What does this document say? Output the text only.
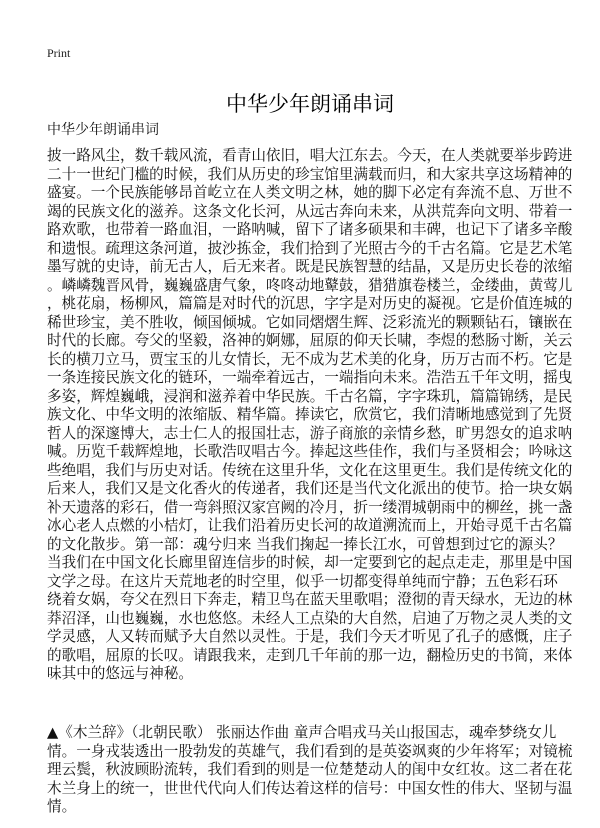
Print
中华少年朗诵串词
中华少年朗诵串词
披一路风尘，数千载风流，看青山依旧，唱大江东去。今天，在人类就要举步跨进
二十一世纪门槛的时候，我们从历史的珍宝馆里满载而归，和大家共享这场精神的
盛宴。一个民族能够昂首屹立在人类文明之林，她的脚下必定有奔流不息、万世不
竭的民族文化的滋养。这条文化长河，从远古奔向未来，从洪荒奔向文明、带着一
路欢歌，也带着一路血泪，一路呐喊，留下了诸多硕果和丰碑，也记下了诸多辛酸
和遗恨。疏理这条河道，披沙拣金，我们拾到了光照古今的千古名篇。它是艺术笔
墨写就的史诗，前无古人，后无来者。既是民族智慧的结晶，又是历史长卷的浓缩
。嶙嶙魏晋风骨，巍巍盛唐气象，咚咚动地鼙鼓，猎猎旗卷楼兰，金缕曲，黄莺儿
，桃花扇，杨柳风，篇篇是对时代的沉思，字字是对历史的凝视。它是价值连城的
稀世珍宝，美不胜收，倾国倾城。它如同熠熠生辉、泛彩流光的颗颗钻石，镶嵌在
时代的长廊。夸父的坚毅，洛神的婀娜，屈原的仰天长啸，李煜的愁肠寸断，关云
长的横刀立马，贾宝玉的儿女情长，无不成为艺术美的化身，历万古而不朽。它是
一条连接民族文化的链环，一端牵着远古，一端指向未来。浩浩五千年文明，摇曳
多姿，辉煌巍峨，浸润和滋养着中华民族。千古名篇，字字珠玑，篇篇锦绣，是民
族文化、中华文明的浓缩版、精华篇。捧读它，欣赏它，我们清晰地感觉到了先贤
哲人的深邃博大，志士仁人的报国壮志，游子商旅的亲情乡愁，旷男怨女的追求呐
喊。历览千载辉煌地，长歌浩叹唱古今。捧起这些佳作，我们与圣贤相会；吟咏这
些绝唱，我们与历史对话。传统在这里升华，文化在这里更生。我们是传统文化的
后来人，我们又是文化香火的传递者，我们还是当代文化派出的使节。拾一块女娲
补天遗落的彩石，借一弯斜照汉家宫阙的冷月，折一缕渭城朝雨中的柳丝，挑一盏
冰心老人点燃的小桔灯，让我们沿着历史长河的故道溯流而上，开始寻觅千古名篇
的文化散步。第一部：魂兮归来 当我们掬起一捧长江水，可曾想到过它的源头？
当我们在中国文化长廊里留连信步的时候，却一定要到它的起点走走，那里是中国
文学之母。在这片天荒地老的时空里，似乎一切都变得单纯而宁静；五色彩石环
绕着女娲，夸父在烈日下奔走，精卫鸟在蓝天里歌唱；澄彻的青天绿水，无边的林
莽沼泽，山也巍巍，水也悠悠。未经人工点染的大自然，启迪了万物之灵人类的文
学灵感，人又转而赋予大自然以灵性。于是，我们今天才听见了孔子的感慨，庄子
的歌唱，屈原的长叹。请跟我来，走到几千年前的那一边，翻检历史的书简，来体
味其中的悠远与神秘。
▲《木兰辞》（北朝民歌） 张丽达作曲 童声合唱戎马关山报国志，魂牵梦绕女儿
情。一身戎装透出一股勃发的英雄气，我们看到的是英姿飒爽的少年将军；对镜梳
理云鬓，秋波顾盼流转，我们看到的则是一位楚楚动人的闺中女红妆。这二者在花
木兰身上的统一，世世代代向人们传达着这样的信号：中国女性的伟大、坚韧与温
情。
